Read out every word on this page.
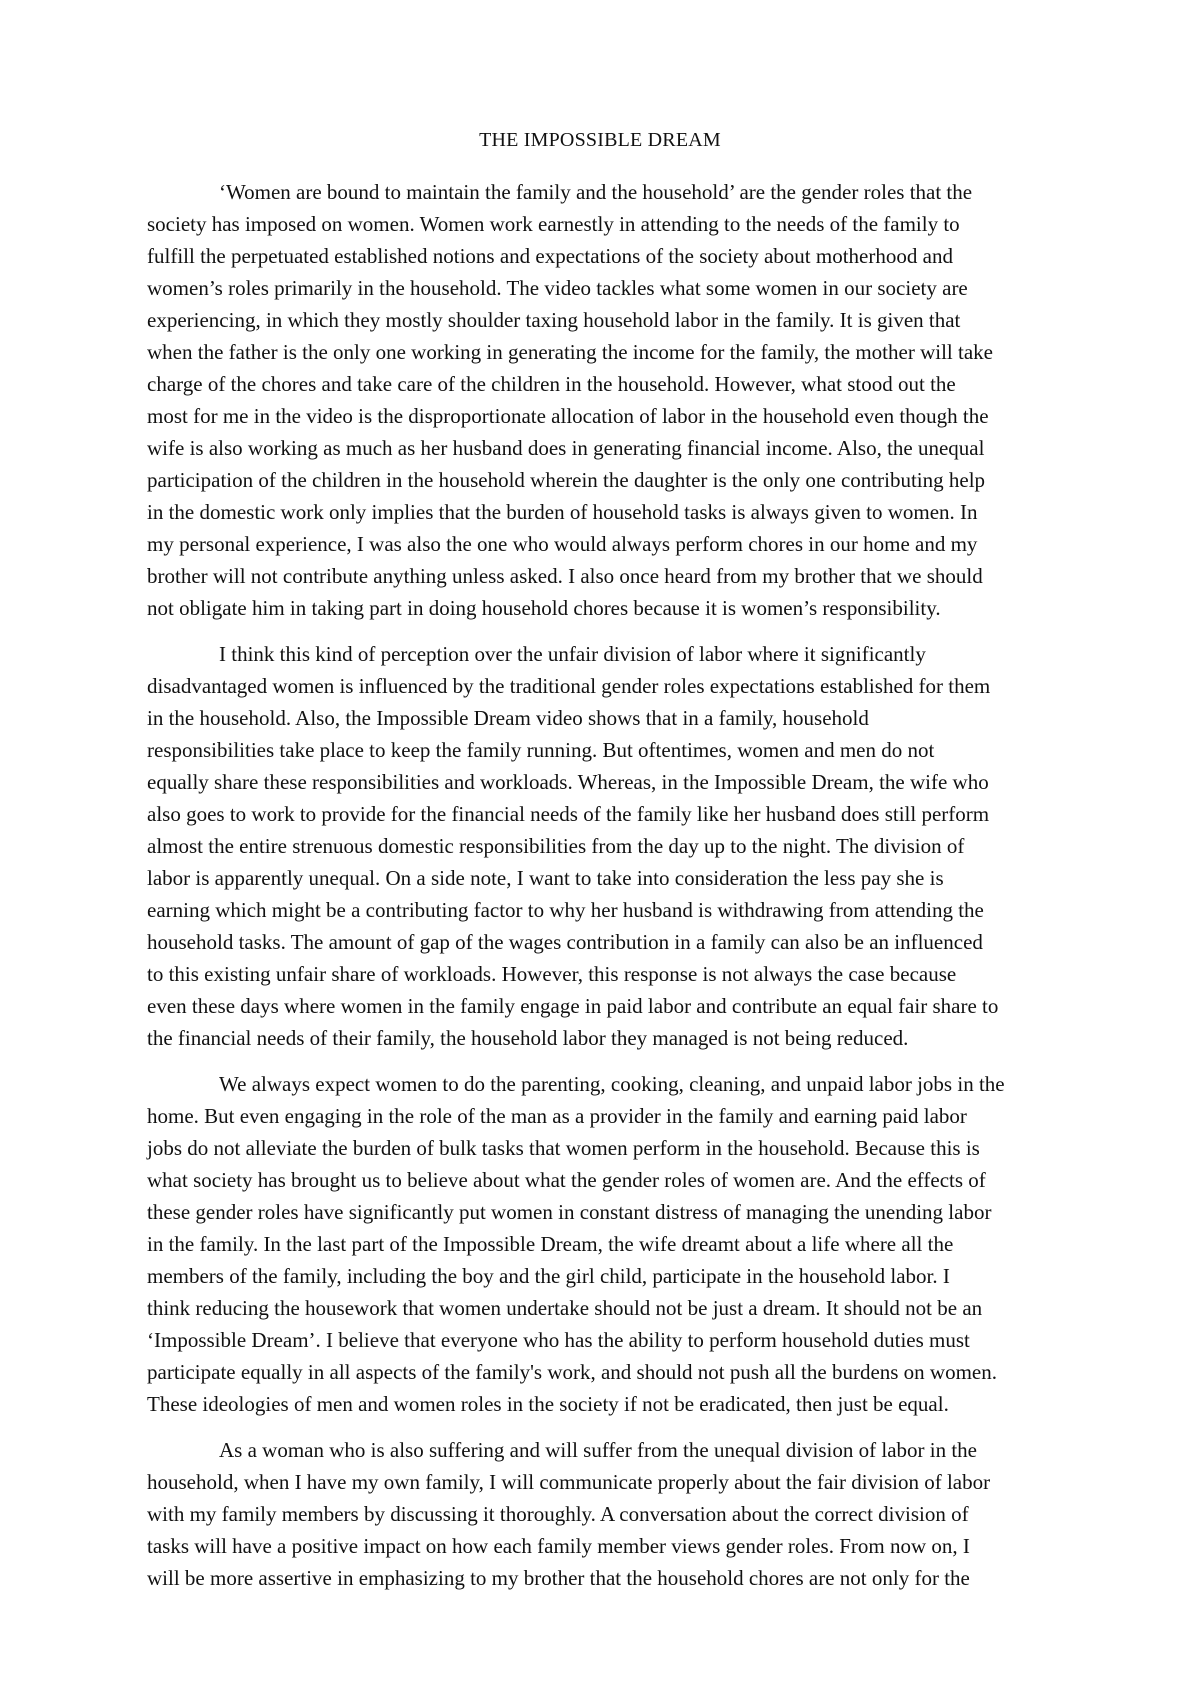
THE IMPOSSIBLE DREAM

‘Women are bound to maintain the family and the household’ are the gender roles that the
society has imposed on women. Women work earnestly in attending to the needs of the family to
fulfill the perpetuated established notions and expectations of the society about motherhood and
women’s roles primarily in the household. The video tackles what some women in our society are
experiencing, in which they mostly shoulder taxing household labor in the family. It is given that
when the father is the only one working in generating the income for the family, the mother will take
charge of the chores and take care of the children in the household. However, what stood out the
most for me in the video is the disproportionate allocation of labor in the household even though the
wife is also working as much as her husband does in generating financial income. Also, the unequal
participation of the children in the household wherein the daughter is the only one contributing help
in the domestic work only implies that the burden of household tasks is always given to women. In
my personal experience, I was also the one who would always perform chores in our home and my
brother will not contribute anything unless asked. I also once heard from my brother that we should
not obligate him in taking part in doing household chores because it is women’s responsibility.

I think this kind of perception over the unfair division of labor where it significantly
disadvantaged women is influenced by the traditional gender roles expectations established for them
in the household. Also, the Impossible Dream video shows that in a family, household
responsibilities take place to keep the family running. But oftentimes, women and men do not
equally share these responsibilities and workloads. Whereas, in the Impossible Dream, the wife who
also goes to work to provide for the financial needs of the family like her husband does still perform
almost the entire strenuous domestic responsibilities from the day up to the night. The division of
labor is apparently unequal. On a side note, I want to take into consideration the less pay she is
earning which might be a contributing factor to why her husband is withdrawing from attending the
household tasks. The amount of gap of the wages contribution in a family can also be an influenced
to this existing unfair share of workloads. However, this response is not always the case because
even these days where women in the family engage in paid labor and contribute an equal fair share to
the financial needs of their family, the household labor they managed is not being reduced.

We always expect women to do the parenting, cooking, cleaning, and unpaid labor jobs in the
home. But even engaging in the role of the man as a provider in the family and earning paid labor
jobs do not alleviate the burden of bulk tasks that women perform in the household. Because this is
what society has brought us to believe about what the gender roles of women are. And the effects of
these gender roles have significantly put women in constant distress of managing the unending labor
in the family. In the last part of the Impossible Dream, the wife dreamt about a life where all the
members of the family, including the boy and the girl child, participate in the household labor. I
think reducing the housework that women undertake should not be just a dream. It should not be an
‘Impossible Dream’. I believe that everyone who has the ability to perform household duties must
participate equally in all aspects of the family's work, and should not push all the burdens on women.
These ideologies of men and women roles in the society if not be eradicated, then just be equal.

As a woman who is also suffering and will suffer from the unequal division of labor in the
household, when I have my own family, I will communicate properly about the fair division of labor
with my family members by discussing it thoroughly. A conversation about the correct division of
tasks will have a positive impact on how each family member views gender roles. From now on, I
will be more assertive in emphasizing to my brother that the household chores are not only for the
